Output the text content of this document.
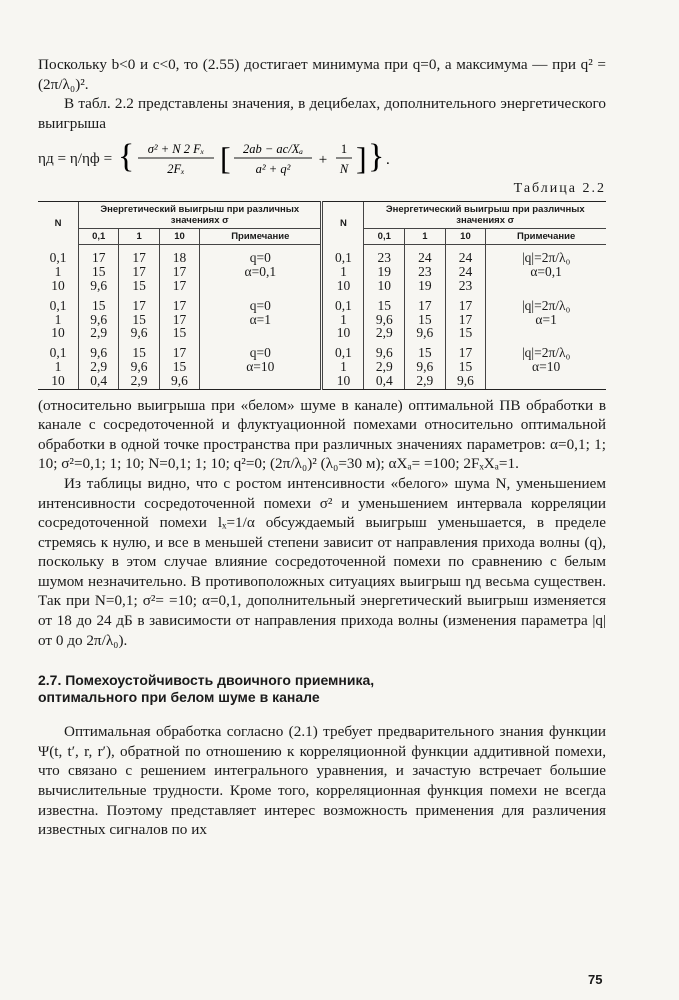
Поскольку b<0 и c<0, то (2.55) достигает минимума при q=0, а максимума — при q² = (2π/λ₀)².

В табл. 2.2 представлены значения, в децибелах, дополнительного энергетического выигрыша

ηд = η/ηф = { σ² + N 2 Fₓ
2Fₓ [ 2ab − ac/Xₐ
a² + q²
+
1
N ] } .
Таблица 2.2
N	Энергетический выигрыш при различных значениях σ				N	Энергетический выигрыш при различных значениях σ			
	0,1	1	10	Примечание		0,1	1	10	Примечание
0,1	17	17	18	q=0	0,1	23	24	24	|q|=2π/λ₀
1	15	17	17	α=0,1	1	19	23	24	α=0,1
10	9,6	15	17		10	10	19	23	
0,1	15	17	17	q=0	0,1	15	17	17	|q|=2π/λ₀
1	9,6	15	17	α=1	1	9,6	15	17	α=1
10	2,9	9,6	15		10	2,9	9,6	15	
0,1	9,6	15	17	q=0	0,1	9,6	15	17	|q|=2π/λ₀
1	2,9	9,6	15	α=10	1	2,9	9,6	15	α=10
10	0,4	2,9	9,6		10	0,4	2,9	9,6	

(относительно выигрыша при «белом» шуме в канале) оптимальной ПВ обработки в канале с сосредоточенной и флуктуационной помехами относительно оптимальной обработки в одной точке пространства при различных значениях параметров: α=0,1; 1; 10; σ²=0,1; 1; 10; N=0,1; 1; 10; q²=0; (2π/λ₀)² (λ₀=30 м); αXₐ= =100; 2FₓXₐ=1.

Из таблицы видно, что с ростом интенсивности «белого» шума N, уменьшением интенсивности сосредоточенной помехи σ² и уменьшением интервала корреляции сосредоточенной помехи lₓ=1/α обсуждаемый выигрыш уменьшается, в пределе стремясь к нулю, и все в меньшей степени зависит от направления прихода волны (q), поскольку в этом случае влияние сосредоточенной помехи по сравнению с белым шумом незначительно. В противоположных ситуациях выигрыш ηд весьма существен. Так при N=0,1; σ²= =10; α=0,1, дополнительный энергетический выигрыш изменяется от 18 до 24 дБ в зависимости от направления прихода волны (изменения параметра |q| от 0 до 2π/λ₀).

2.7. Помехоустойчивость двоичного приемника,
оптимального при белом шуме в канале

Оптимальная обработка согласно (2.1) требует предварительного знания функции Ψ(t, t′, r, r′), обратной по отношению к корреляционной функции аддитивной помехи, что связано с решением интегрального уравнения, и зачастую встречает большие вычислительные трудности. Кроме того, корреляционная функция помехи не всегда известна. Поэтому представляет интерес возможность применения для различения известных сигналов по их

75
